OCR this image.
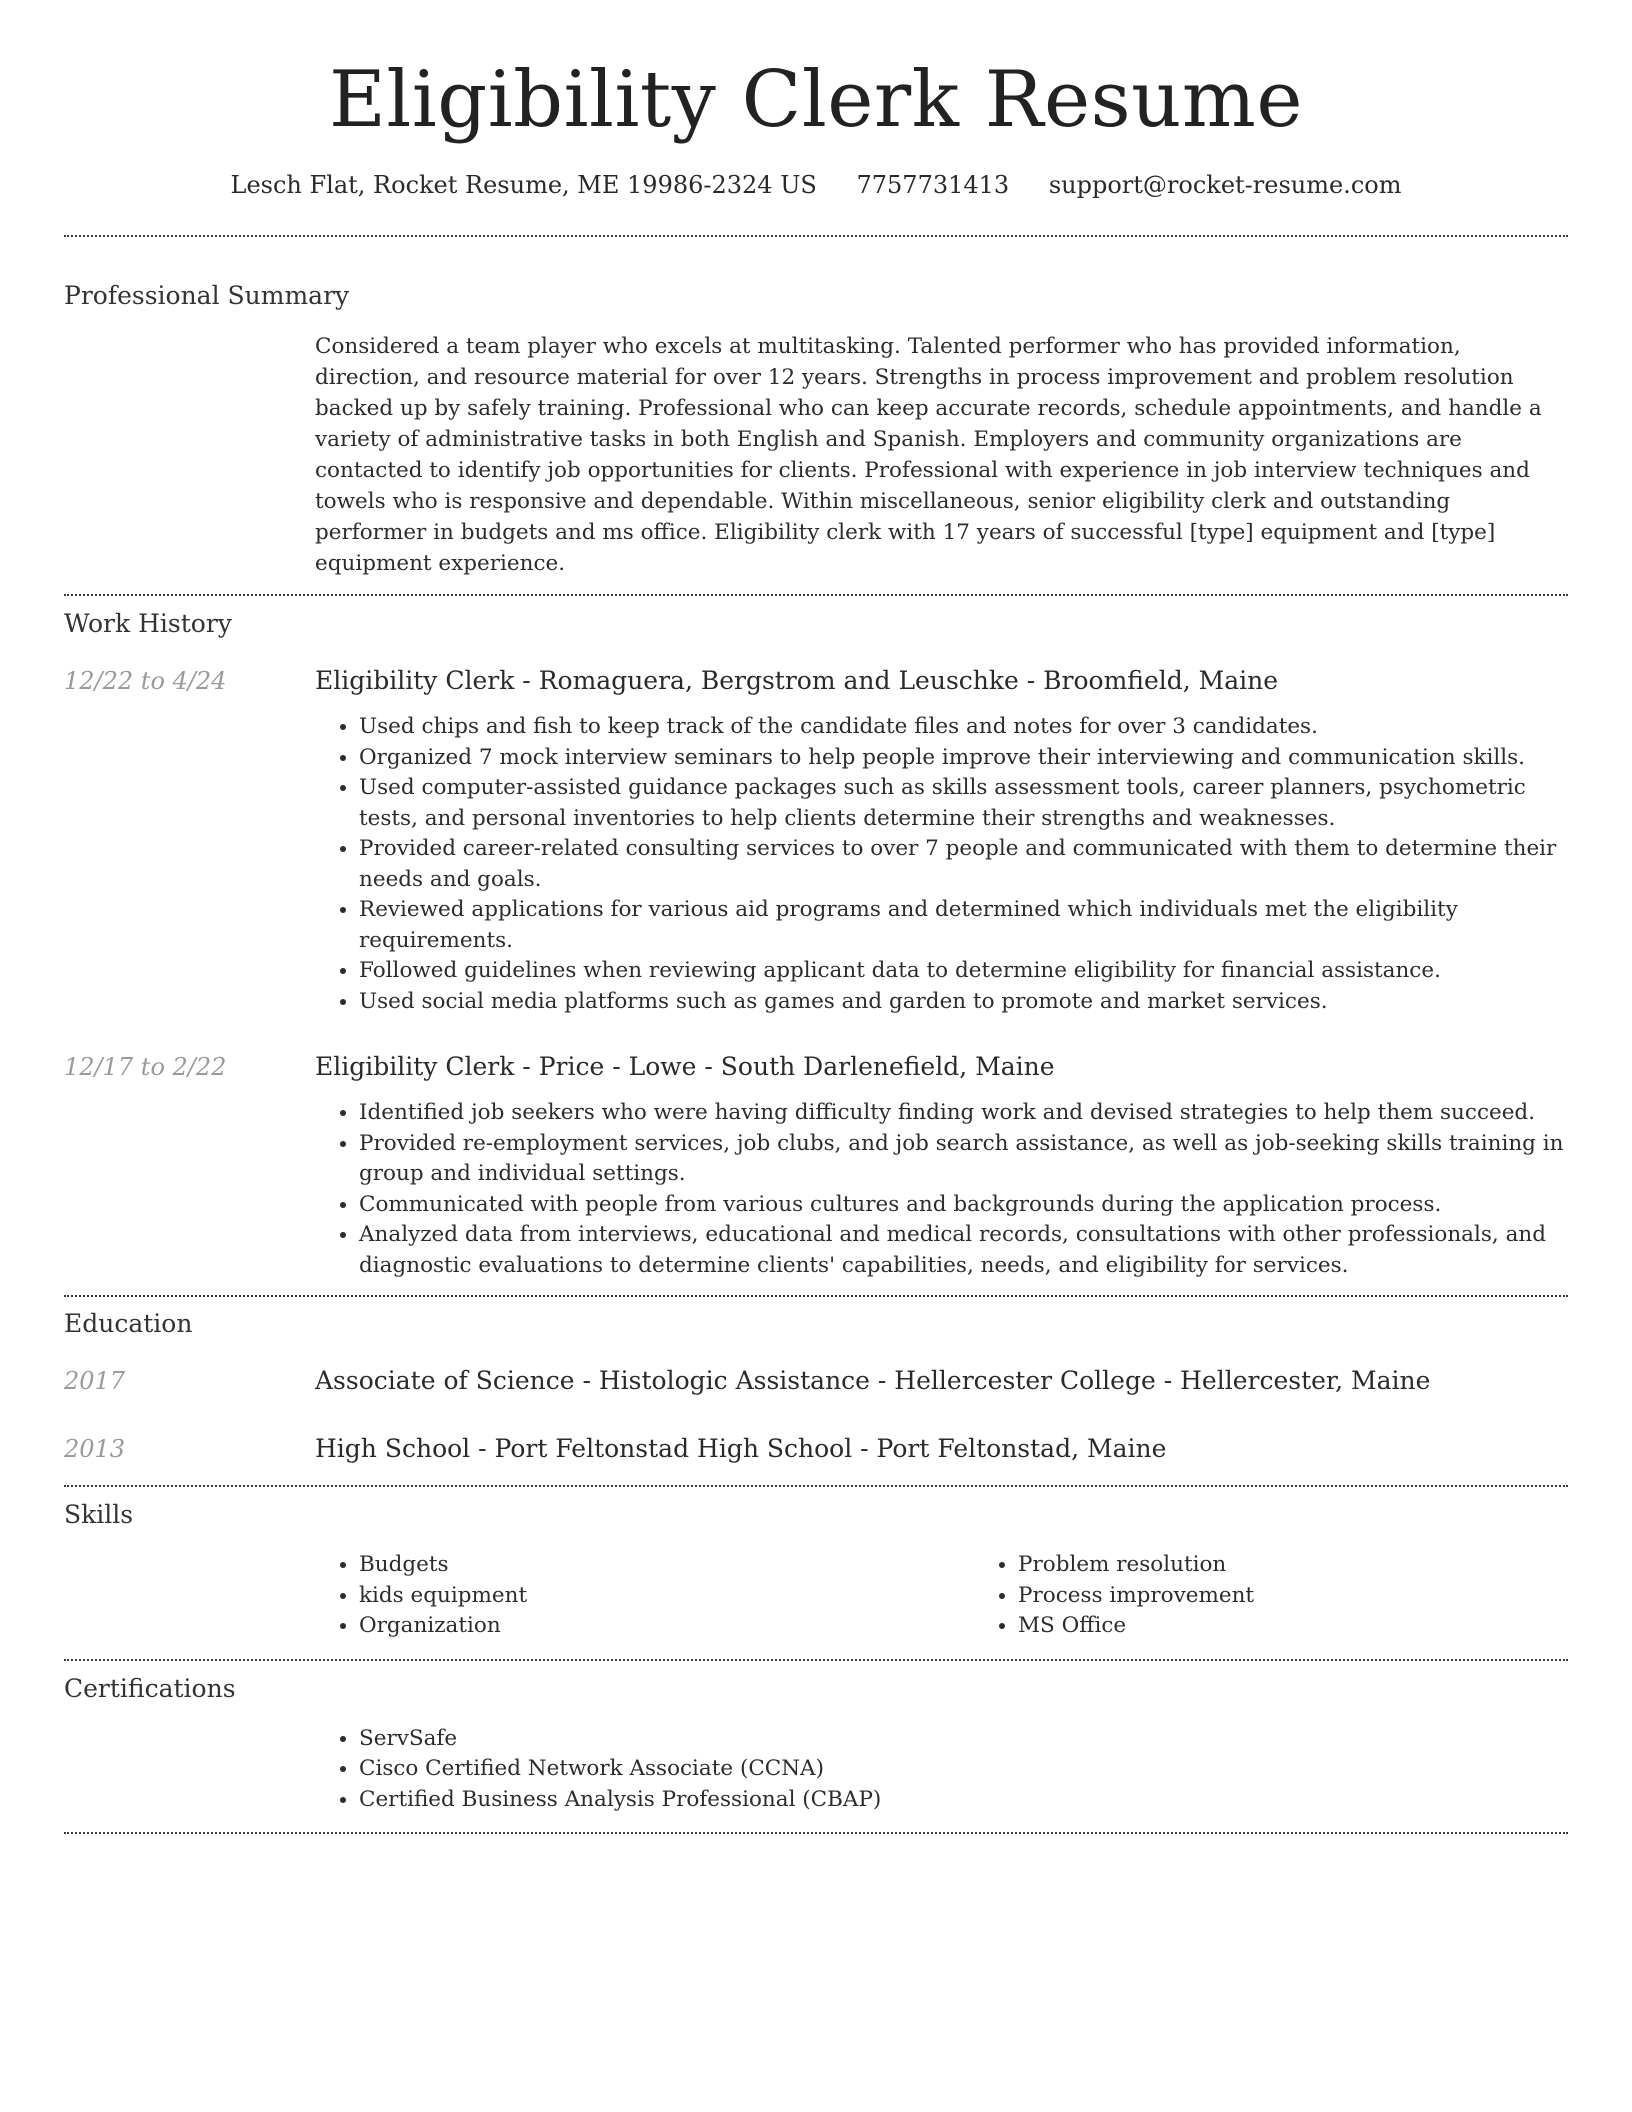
Eligibility Clerk Resume
Lesch Flat, Rocket Resume, ME 19986-2324 US 7757731413 support@rocket-resume.com
Professional Summary

Considered a team player who excels at multitasking. Talented performer who has provided information, direction, and resource material for over 12 years. Strengths in process improvement and problem resolution backed up by safely training. Professional who can keep accurate records, schedule appointments, and handle a variety of administrative tasks in both English and Spanish. Employers and community organizations are contacted to identify job opportunities for clients. Professional with experience in job interview techniques and towels who is responsive and dependable. Within miscellaneous, senior eligibility clerk and outstanding performer in budgets and ms office. Eligibility clerk with 17 years of successful [type] equipment and [type] equipment experience.

Work History
12/22 to 4/24	Eligibility Clerk - Romaguera, Bergstrom and Leuschke - Broomfield, Maine
• Used chips and fish to keep track of the candidate files and notes for over 3 candidates.
• Organized 7 mock interview seminars to help people improve their interviewing and communication skills.
• Used computer-assisted guidance packages such as skills assessment tools, career planners, psychometric tests, and personal inventories to help clients determine their strengths and weaknesses.
• Provided career-related consulting services to over 7 people and communicated with them to determine their needs and goals.
• Reviewed applications for various aid programs and determined which individuals met the eligibility requirements.
• Followed guidelines when reviewing applicant data to determine eligibility for financial assistance.
• Used social media platforms such as games and garden to promote and market services.
12/17 to 2/22	Eligibility Clerk - Price - Lowe - South Darlenefield, Maine
• Identified job seekers who were having difficulty finding work and devised strategies to help them succeed.
• Provided re-employment services, job clubs, and job search assistance, as well as job-seeking skills training in group and individual settings.
• Communicated with people from various cultures and backgrounds during the application process.
• Analyzed data from interviews, educational and medical records, consultations with other professionals, and diagnostic evaluations to determine clients' capabilities, needs, and eligibility for services.
Education
2017	Associate of Science - Histologic Assistance - Hellercester College - Hellercester, Maine
2013	High School - Port Feltonstad High School - Port Feltonstad, Maine
Skills
• Budgets
• kids equipment
• Organization
• Problem resolution
• Process improvement
• MS Office
Certifications
• ServSafe
• Cisco Certified Network Associate (CCNA)
• Certified Business Analysis Professional (CBAP)
